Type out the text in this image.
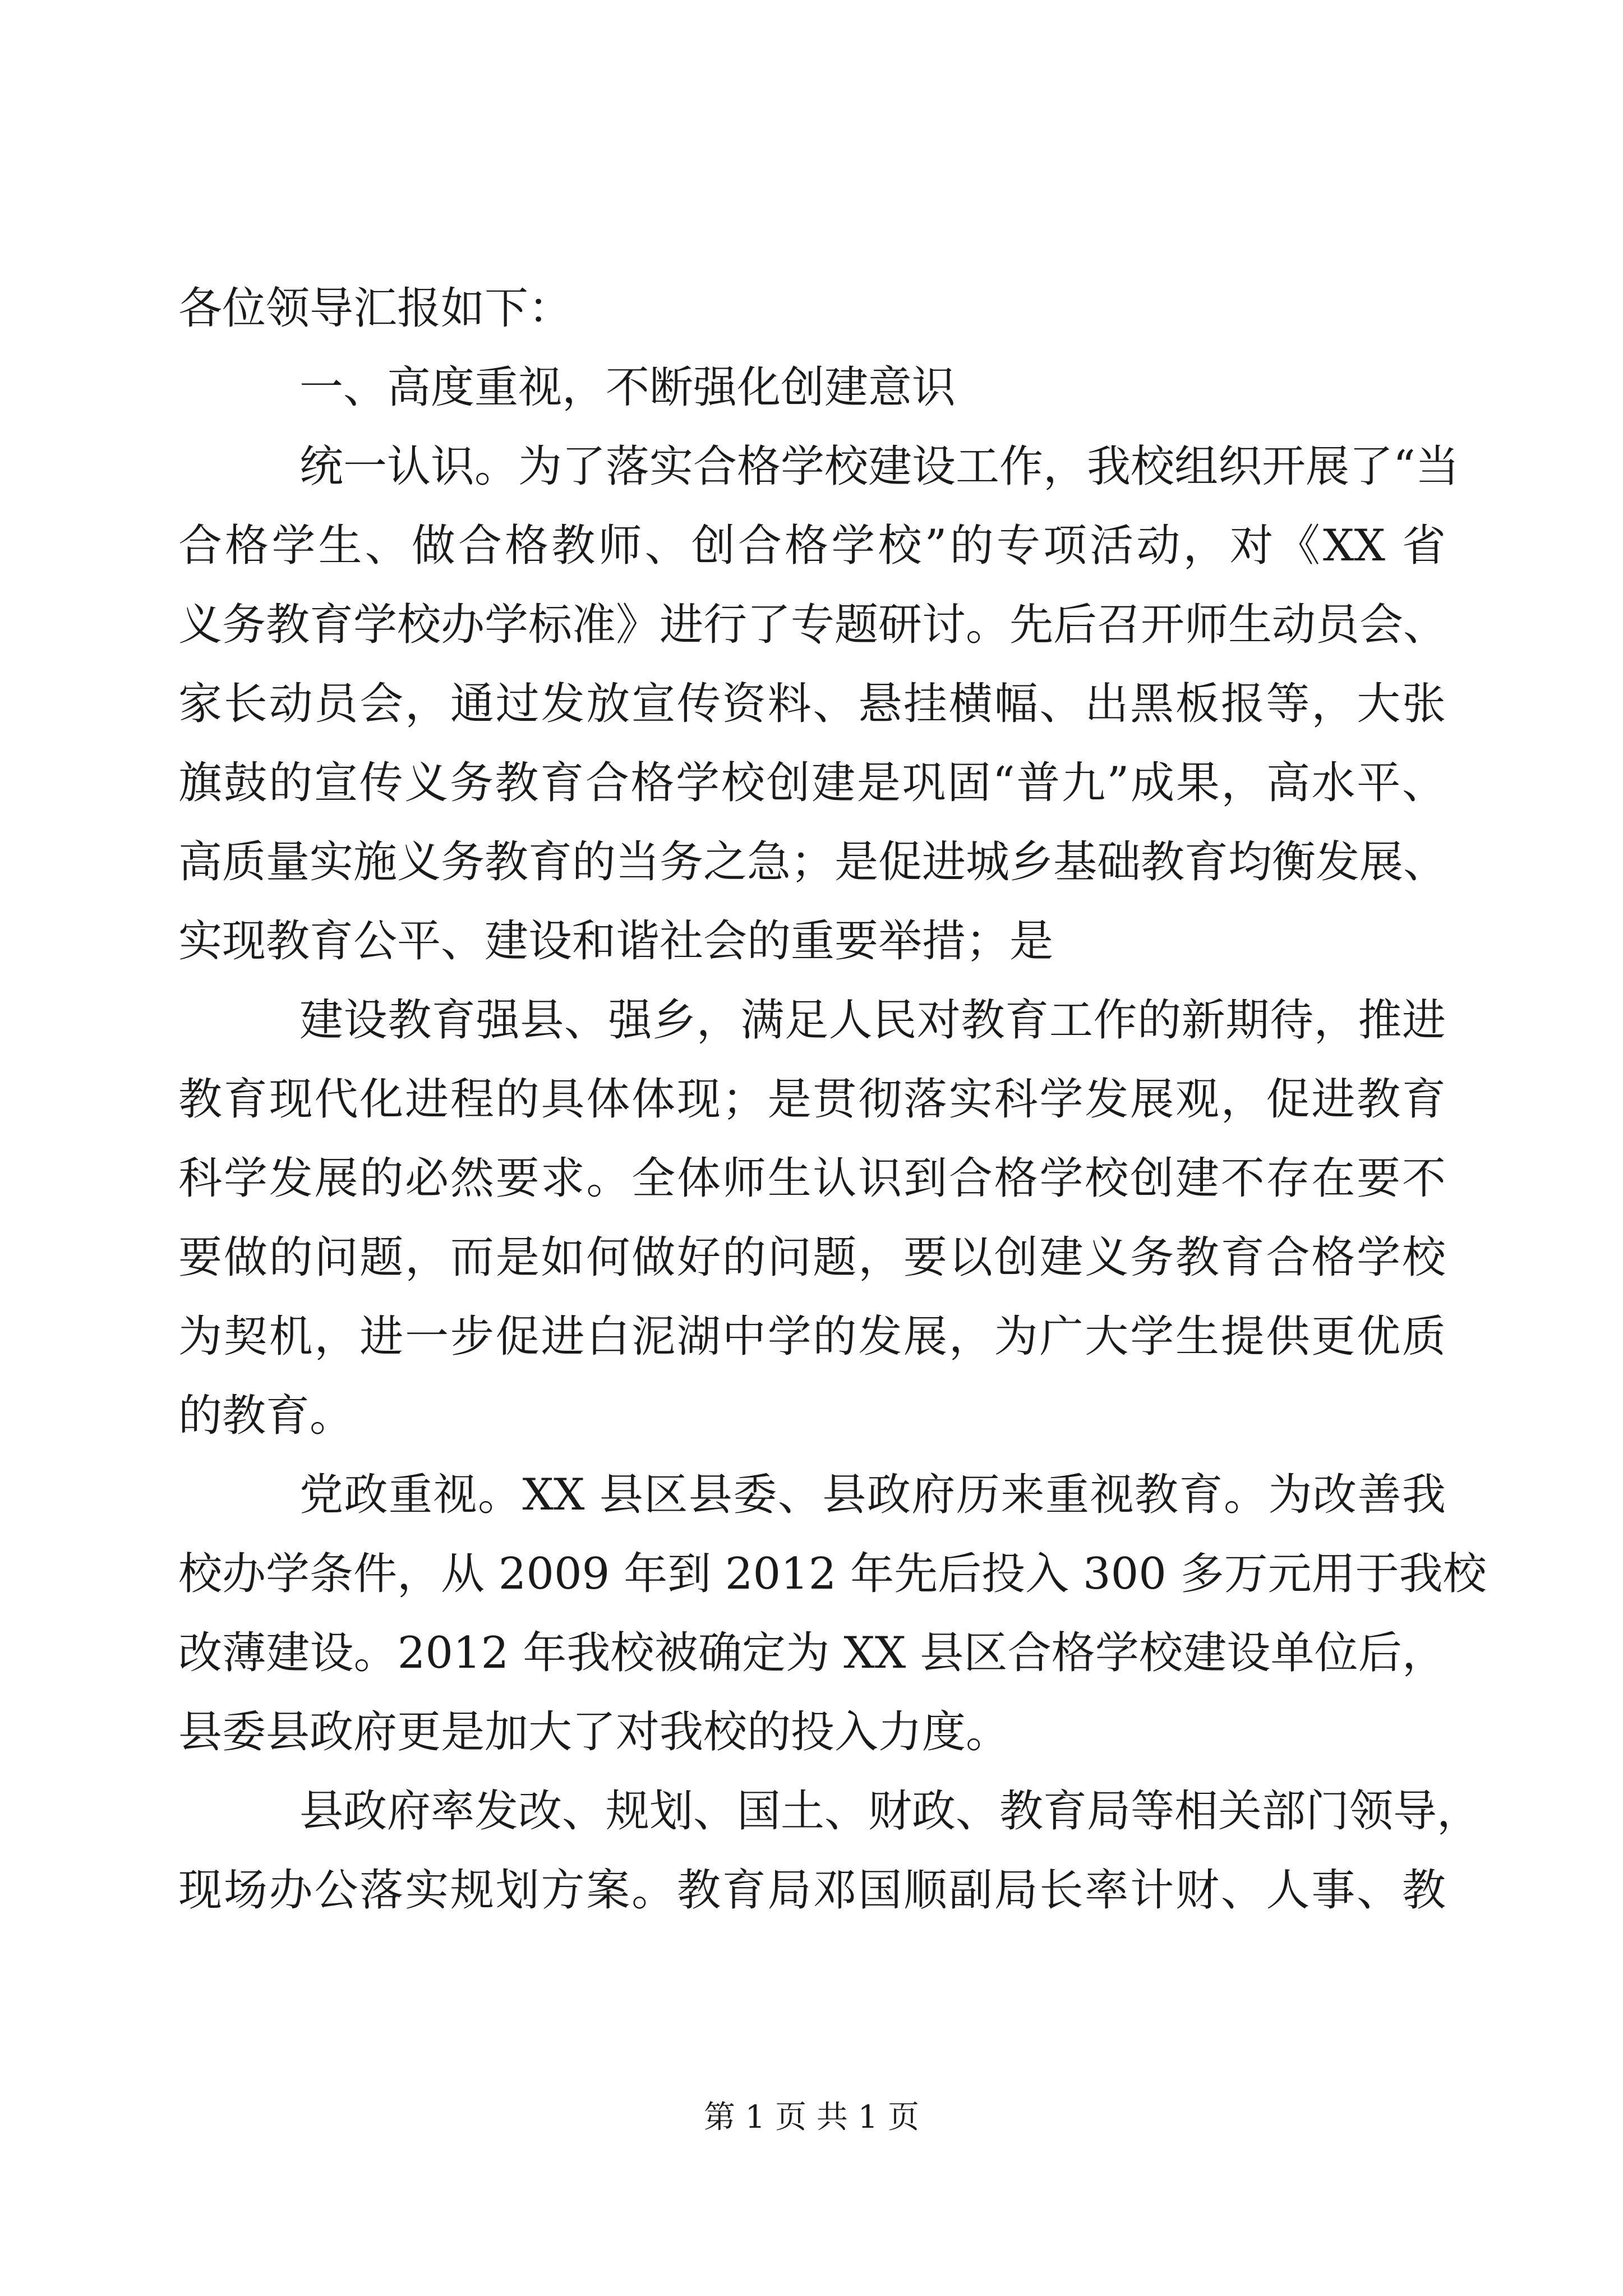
各位领导汇报如下：
一、高度重视，不断强化创建意识
统一认识。为了落实合格学校建设工作，我校组织开展了“当
合格学生、做合格教师、创合格学校”的专项活动，对《XX 省
义务教育学校办学标准》进行了专题研讨。先后召开师生动员会、
家长动员会，通过发放宣传资料、悬挂横幅、出黑板报等，大张
旗鼓的宣传义务教育合格学校创建是巩固“普九”成果，高水平、
高质量实施义务教育的当务之急；是促进城乡基础教育均衡发展、
实现教育公平、建设和谐社会的重要举措；是
建设教育强县、强乡，满足人民对教育工作的新期待，推进
教育现代化进程的具体体现；是贯彻落实科学发展观，促进教育
科学发展的必然要求。全体师生认识到合格学校创建不存在要不
要做的问题，而是如何做好的问题，要以创建义务教育合格学校
为契机，进一步促进白泥湖中学的发展，为广大学生提供更优质
的教育。
党政重视。XX 县区县委、县政府历来重视教育。为改善我
校办学条件，从 2009 年到 2012 年先后投入 300 多万元用于我校
改薄建设。2012 年我校被确定为 XX 县区合格学校建设单位后，
县委县政府更是加大了对我校的投入力度。
县政府率发改、规划、国土、财政、教育局等相关部门领导，
现场办公落实规划方案。教育局邓国顺副局长率计财、人事、教
第 1 页 共 1 页
